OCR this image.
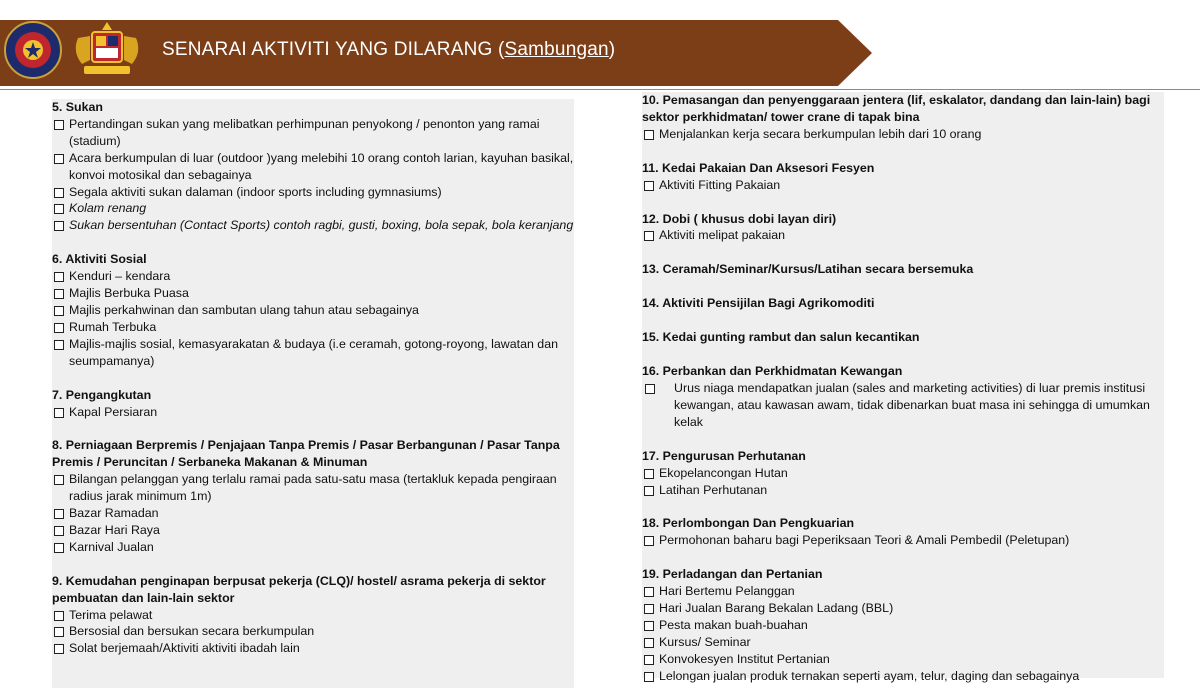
SENARAI AKTIVITI YANG DILARANG (Sambungan)
5. Sukan
Pertandingan sukan yang melibatkan perhimpunan penyokong / penonton yang ramai (stadium)
Acara berkumpulan di luar (outdoor )yang melebihi 10 orang contoh larian, kayuhan basikal, konvoi motosikal dan sebagainya
Segala aktiviti sukan dalaman (indoor sports including gymnasiums)
Kolam renang
Sukan bersentuhan (Contact Sports) contoh ragbi, gusti, boxing, bola sepak, bola keranjang
6. Aktiviti Sosial
Kenduri – kendara
Majlis Berbuka Puasa
Majlis perkahwinan dan sambutan ulang tahun atau sebagainya
Rumah Terbuka
Majlis-majlis sosial, kemasyarakatan & budaya (i.e ceramah, gotong-royong, lawatan dan seumpamanya)
7. Pengangkutan
Kapal Persiaran
8. Perniagaan Berpremis / Penjajaan Tanpa Premis / Pasar Berbangunan / Pasar Tanpa Premis / Peruncitan / Serbaneka Makanan & Minuman
Bilangan pelanggan yang terlalu ramai pada satu-satu masa (tertakluk kepada pengiraan radius jarak minimum 1m)
Bazar Ramadan
Bazar Hari Raya
Karnival Jualan
9. Kemudahan penginapan berpusat pekerja (CLQ)/ hostel/ asrama pekerja di sektor pembuatan dan lain-lain sektor
Terima pelawat
Bersosial dan bersukan secara berkumpulan
Solat berjemaah/Aktiviti aktiviti ibadah lain
10. Pemasangan dan penyenggaraan jentera (lif, eskalator, dandang dan lain-lain) bagi sektor perkhidmatan/ tower crane di tapak bina
Menjalankan kerja secara berkumpulan lebih dari 10 orang
11. Kedai Pakaian Dan Aksesori Fesyen
Aktiviti Fitting Pakaian
12. Dobi ( khusus dobi layan diri)
Aktiviti melipat pakaian
13. Ceramah/Seminar/Kursus/Latihan secara bersemuka
14. Aktiviti Pensijilan Bagi Agrikomoditi
15. Kedai gunting rambut dan salun kecantikan
16. Perbankan dan Perkhidmatan Kewangan
Urus niaga mendapatkan jualan (sales and marketing activities) di luar premis institusi kewangan, atau kawasan awam, tidak dibenarkan buat masa ini sehingga di umumkan kelak
17. Pengurusan Perhutanan
Ekopelancongan Hutan
Latihan Perhutanan
18. Perlombongan Dan Pengkuarian
Permohonan baharu bagi Peperiksaan Teori & Amali Pembedil (Peletupan)
19. Perladangan dan Pertanian
Hari Bertemu Pelanggan
Hari Jualan Barang Bekalan Ladang (BBL)
Pesta makan buah-buahan
Kursus/ Seminar
Konvokesyen Institut Pertanian
Lelongan jualan produk ternakan seperti ayam, telur, daging dan sebagainya
